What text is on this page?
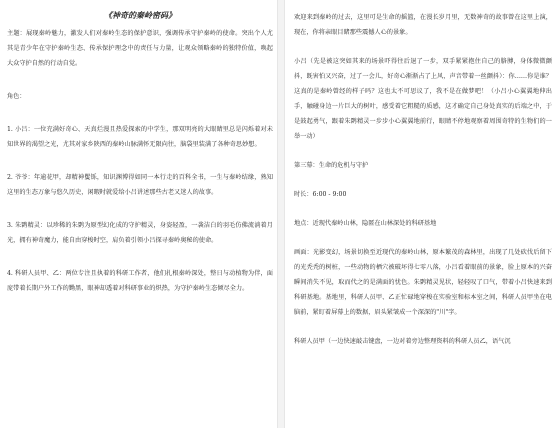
《神奇的秦岭密码》

主题：展现秦岭魅力，激发人们对秦岭生态的保护意识，强调传承守护秦岭的使命。突出个人尤其是青少年在守护秦岭生态、传承保护理念中的责任与力量，让观众领略秦岭的独特价值，唤起大众守护自然的行动自觉。

角色：

1. 小吕：一位充满好奇心、天真烂漫且热爱探索的中学生，那双明亮的大眼睛里总是闪烁着对未知世界的渴望之光，尤其对家乡陕西的秦岭山脉满怀无限向往，脑袋里装满了各种奇思妙想。

2. 爷爷：年逾花甲，却精神矍铄，知识渊博得如同一本行走的百科全书，一生与秦岭结缘，熟知这里的生态万象与悠久历史，闲暇时就爱给小吕讲述那些古老又迷人的故事。

3. 朱鹮精灵：以珍稀的朱鹮为原型幻化成的守护精灵，身姿轻盈，一袭洁白的羽毛仿佛流淌着月光，拥有神奇魔力，能自由穿梭时空，肩负着引领小吕探寻秦岭奥秘的使命。

4. 科研人员甲、乙：两位专注且执着的科研工作者，他们扎根秦岭深处，整日与动植物为伴，面庞带着长期户外工作的黝黑，眼神却透着对科研事业的炽热，为守护秦岭生态倾尽全力。

欢迎来到秦岭的过去，这里可是生命的摇篮，在漫长岁月里，无数神奇的故事曾在这里上演，现在，你将亲眼目睹那些震撼人心的景象。

小吕（先是被这突如其来的场景吓得往后退了一步，双手紧紧抱住自己的胳膊，身体微微颤抖，既害怕又兴奋，过了一会儿，好奇心渐渐占了上风，声音带着一丝颤抖）：你……你是谁？这真的是秦岭曾经的样子吗？这也太不可思议了，我不是在做梦吧！（小吕小心翼翼地伸出手，触碰身边一片巨大的树叶，感受着它粗糙的质感，这才确定自己身处真实的后端之中，于是鼓起勇气，跟着朱鹮精灵一步步小心翼翼地前行，眼睛不停地观察着周围奇特的生物们的一举一动）

第三幕：生命的危机与守护

时长：6:00 - 9:00

地点：近现代秦岭山林，隐匿在山林深处的科研基地

画面：光影变幻，场景切换至近现代的秦岭山林，原本繁茂的森林里，出现了几处砍伐后留下的光秃秃的树桩，一些动物的栖穴被破坏得七零八落，小吕看着眼前的景象，脸上原本的兴奋瞬间消失不见，取而代之的是满面的忧色。朱鹮精灵见状，轻轻叹了口气，带着小吕快速来到科研基地。基地里，科研人员甲、乙正忙碌地穿梭在实验室和标本室之间，科研人员甲坐在电脑前，紧盯着屏幕上的数据，眉头紧皱成一个深深的"川"字。

科研人员甲（一边快速敲击键盘，一边对着旁边整理资料的科研人员乙，语气沉
